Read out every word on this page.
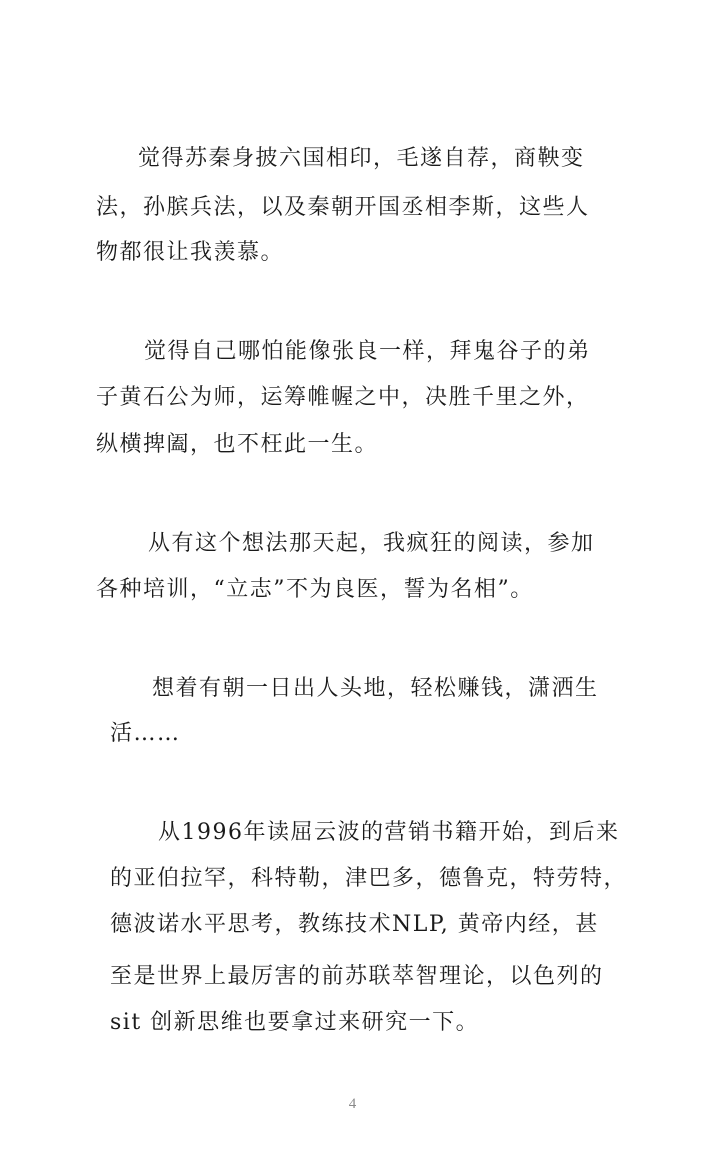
觉得苏秦身披六国相印，毛遂自荐，商鞅变
法，孙膑兵法，以及秦朝开国丞相李斯，这些人
物都很让我羡慕。
觉得自己哪怕能像张良一样，拜鬼谷子的弟
子黄石公为师，运筹帷幄之中，决胜千里之外，
纵横捭阖，也不枉此一生。
从有这个想法那天起，我疯狂的阅读，参加
各种培训，“立志”不为良医，誓为名相”。
想着有朝一日出人头地，轻松赚钱，潇洒生
活……
从1996年读屈云波的营销书籍开始，到后来
的亚伯拉罕，科特勒，津巴多，德鲁克，特劳特，
德波诺水平思考，教练技术NLP, 黄帝内经，甚
至是世界上最厉害的前苏联萃智理论，以色列的
sit 创新思维也要拿过来研究一下。
4
